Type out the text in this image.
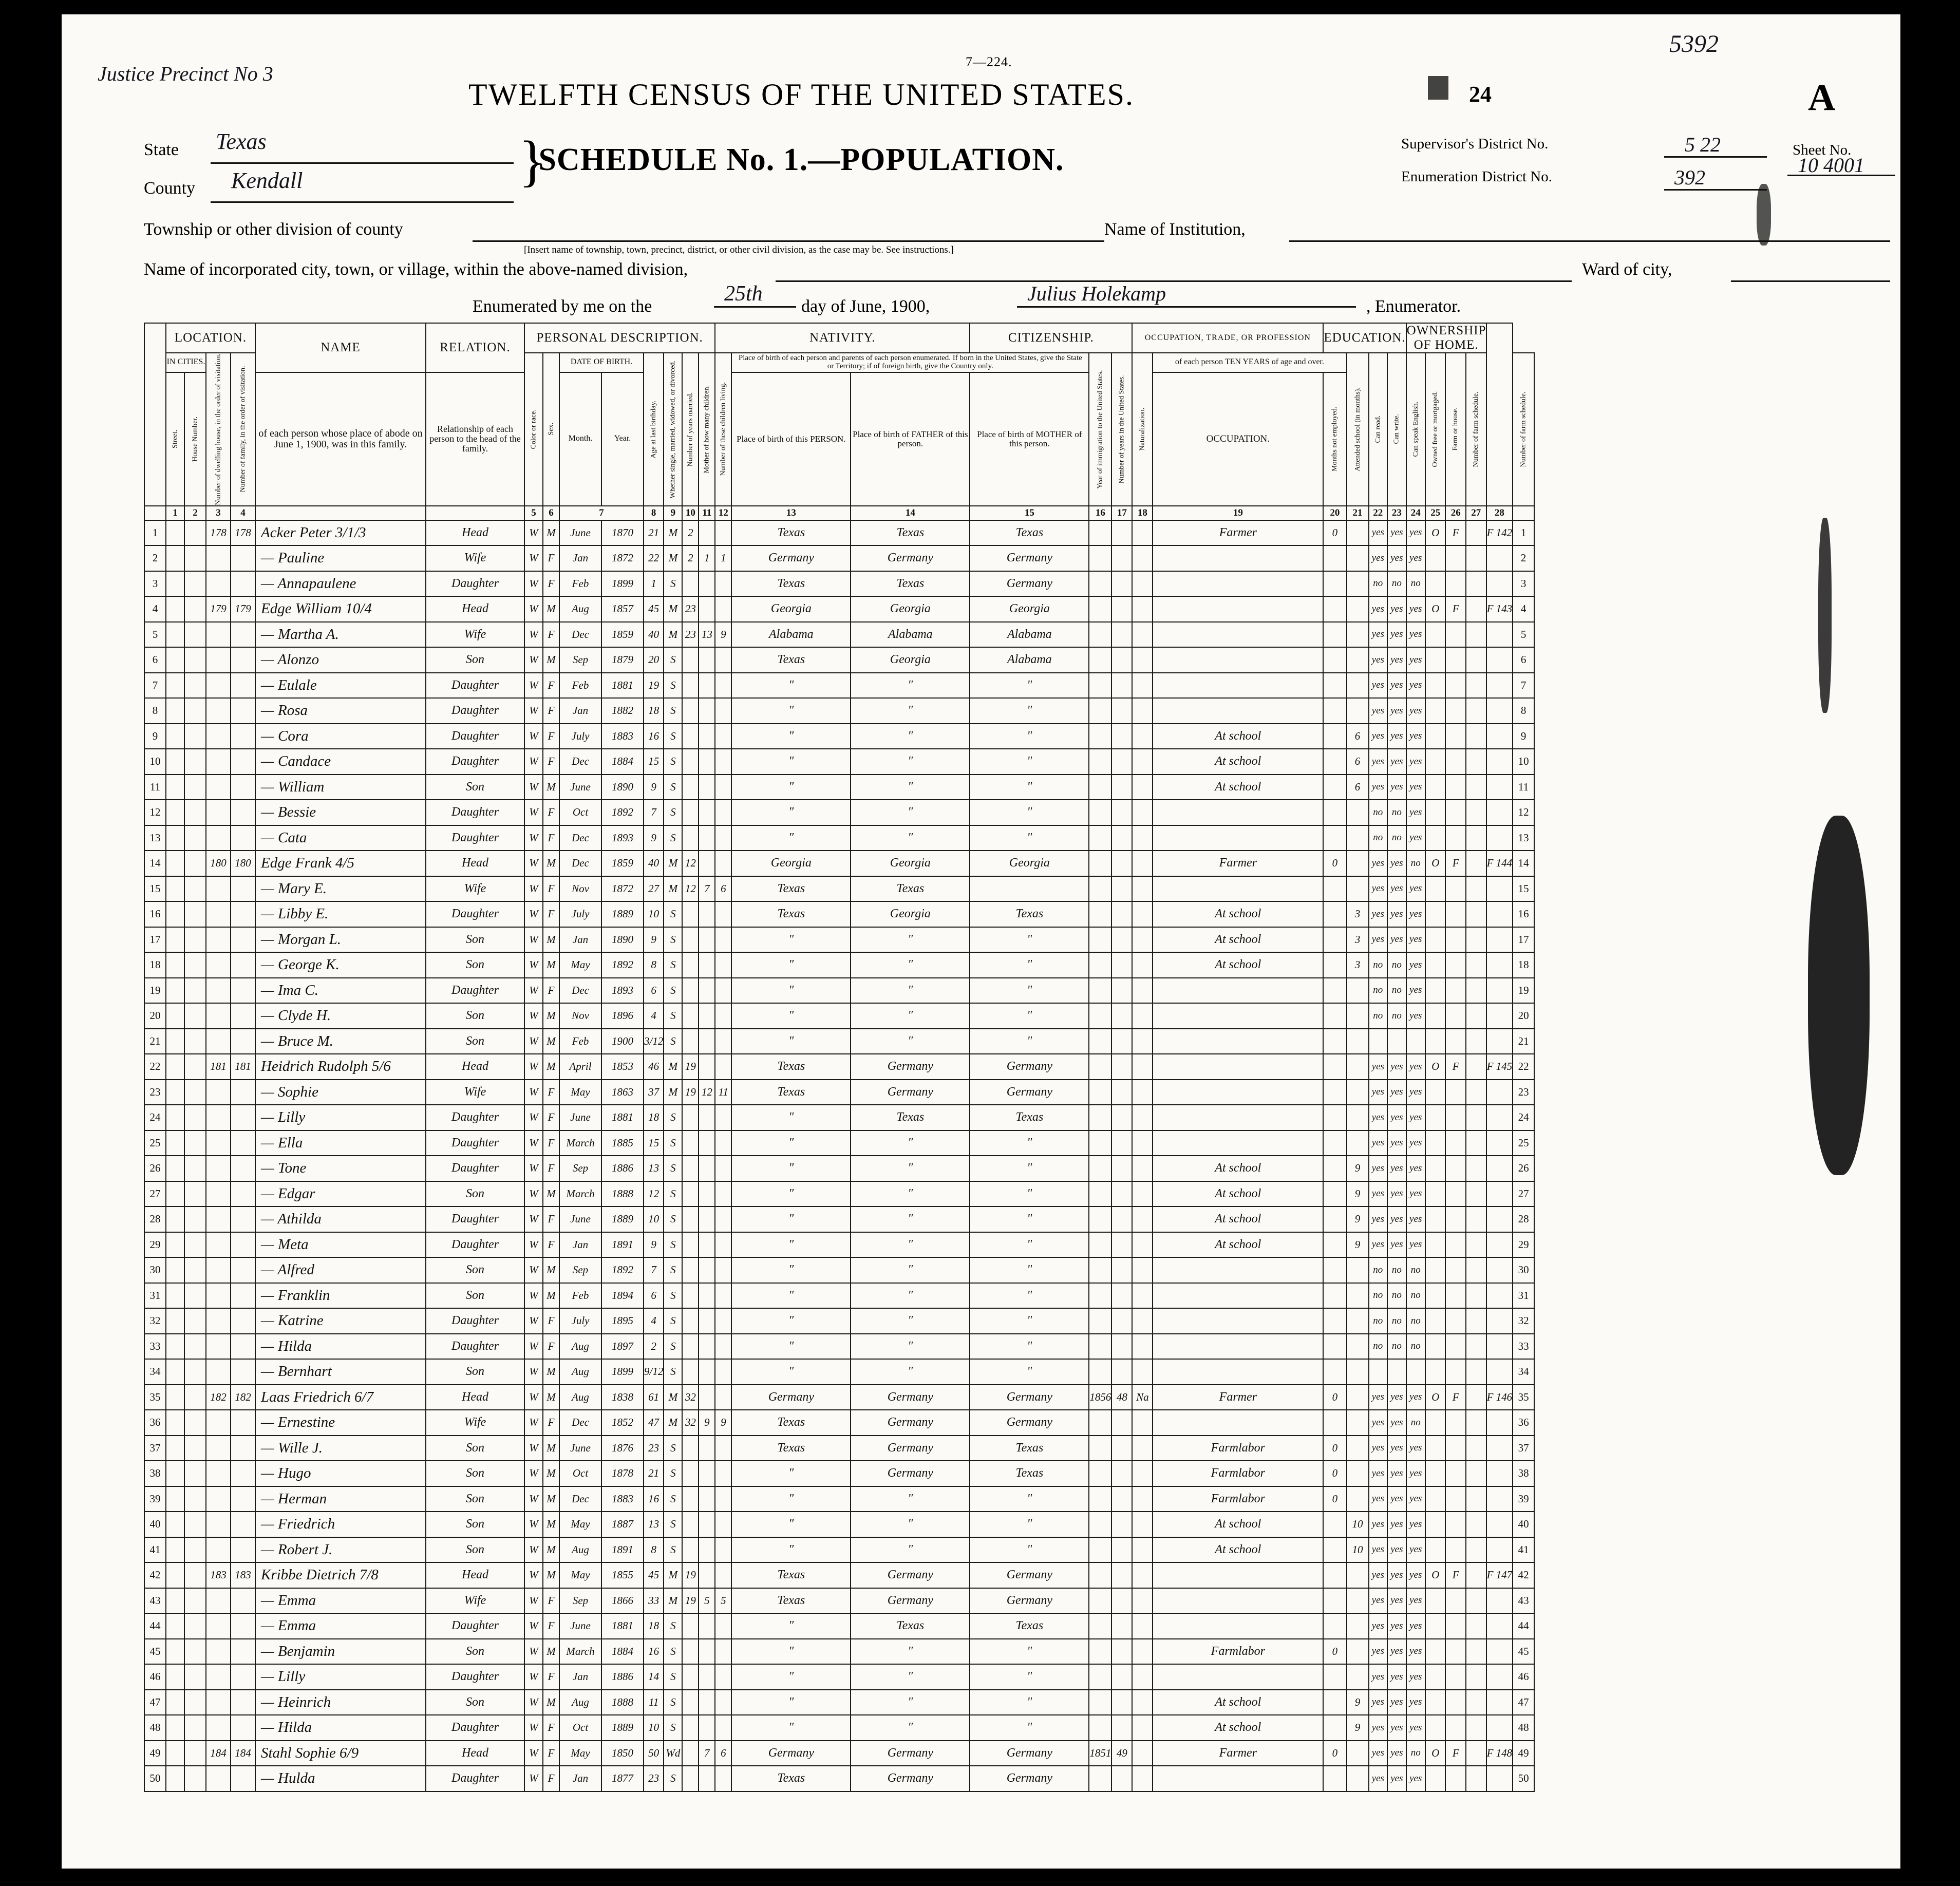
Justice Precinct No 3
7—224.
TWELFTH CENSUS OF THE UNITED STATES.
SCHEDULE No. 1.—POPULATION.
State Texas
County Kendall	}
Township or other division of county
[Insert name of township, town, precinct, district, or other civil division, as the case may be. See instructions.]
Name of Institution,
Name of incorporated city, town, or village, within the above-named division,	Ward of city,
Enumerated by me on the
25th
day of June, 1900,
Julius Holekamp
, Enumerator.
24	A
5392
Supervisor's District No.
Enumeration District No.
5 22
392
Sheet No.
10 4001
	LOCATION.				NAME	RELATION.	PERSONAL DESCRIPTION.								NATIVITY.			CITIZENSHIP.			OCCUPATION, TRADE, OR PROFESSION		EDUCATION.				OWNERSHIP OF HOME.					
	IN CITIES.		Number of dwelling house, in the order of visitation.	Number of family, in the order of visitation.			Color or race.	Sex.	DATE OF BIRTH.		Age at last birthday.	Whether single, married, widowed, or divorced.	Number of years married.	Mother of how many children.	Number of these children living.	Place of birth of each person and parents of each person enumerated. If born in the United States, give the State or Territory; if of foreign birth, give the Country only.			Year of immigration to the United States.	Number of years in the United States.	Naturalization.	of each person TEN YEARS of age and over.		Attended school (in months).	Can read.	Can write.	Can speak English.	Owned free or mortgaged.	Farm or house.	Number of farm schedule.		Number of farm schedule.
	Street.	House Number.			of each person whose place of abode on June 1, 1900, was in this family.	Relationship of each person to the head of the family.			Month.	Year.						Place of birth of this PERSON.	Place of birth of FATHER of this person.	Place of birth of MOTHER of this person.				OCCUPATION.	Months not employed.									

	1	2	3	4			5	6	7		8	9	10	11	12	13	14	15	16	17	18	19	20	21	22	23	24	25	26	27	28	
1			178	178	Acker Peter 3/1/3	Head	W	M	June	1870	21	M	2			Texas	Texas	Texas				Farmer	0		yes	yes	yes	O	F		F 142	1
2					— Pauline	Wife	W	F	Jan	1872	22	M	2	1	1	Germany	Germany	Germany							yes	yes	yes					2
3					— Annapaulene	Daughter	W	F	Feb	1899	1	S				Texas	Texas	Germany							no	no	no					3
4			179	179	Edge William 10/4	Head	W	M	Aug	1857	45	M	23			Georgia	Georgia	Georgia							yes	yes	yes	O	F		F 143	4
5					— Martha A.	Wife	W	F	Dec	1859	40	M	23	13	9	Alabama	Alabama	Alabama							yes	yes	yes					5
6					— Alonzo	Son	W	M	Sep	1879	20	S				Texas	Georgia	Alabama							yes	yes	yes					6
7					— Eulale	Daughter	W	F	Feb	1881	19	S				"	"	"							yes	yes	yes					7
8					— Rosa	Daughter	W	F	Jan	1882	18	S				"	"	"							yes	yes	yes					8
9					— Cora	Daughter	W	F	July	1883	16	S				"	"	"				At school		6	yes	yes	yes					9
10					— Candace	Daughter	W	F	Dec	1884	15	S				"	"	"				At school		6	yes	yes	yes					10
11					— William	Son	W	M	June	1890	9	S				"	"	"				At school		6	yes	yes	yes					11
12					— Bessie	Daughter	W	F	Oct	1892	7	S				"	"	"							no	no	yes					12
13					— Cata	Daughter	W	F	Dec	1893	9	S				"	"	"							no	no	yes					13
14			180	180	Edge Frank 4/5	Head	W	M	Dec	1859	40	M	12			Georgia	Georgia	Georgia				Farmer	0		yes	yes	no	O	F		F 144	14
15					— Mary E.	Wife	W	F	Nov	1872	27	M	12	7	6	Texas	Texas								yes	yes	yes					15
16					— Libby E.	Daughter	W	F	July	1889	10	S				Texas	Georgia	Texas				At school		3	yes	yes	yes					16
17					— Morgan L.	Son	W	M	Jan	1890	9	S				"	"	"				At school		3	yes	yes	yes					17
18					— George K.	Son	W	M	May	1892	8	S				"	"	"				At school		3	no	no	yes					18
19					— Ima C.	Daughter	W	F	Dec	1893	6	S				"	"	"							no	no	yes					19
20					— Clyde H.	Son	W	M	Nov	1896	4	S				"	"	"							no	no	yes					20
21					— Bruce M.	Son	W	M	Feb	1900	3/12	S				"	"	"														21
22			181	181	Heidrich Rudolph 5/6	Head	W	M	April	1853	46	M	19			Texas	Germany	Germany							yes	yes	yes	O	F		F 145	22
23					— Sophie	Wife	W	F	May	1863	37	M	19	12	11	Texas	Germany	Germany							yes	yes	yes					23
24					— Lilly	Daughter	W	F	June	1881	18	S				"	Texas	Texas							yes	yes	yes					24
25					— Ella	Daughter	W	F	March	1885	15	S				"	"	"							yes	yes	yes					25
26					— Tone	Daughter	W	F	Sep	1886	13	S				"	"	"				At school		9	yes	yes	yes					26
27					— Edgar	Son	W	M	March	1888	12	S				"	"	"				At school		9	yes	yes	yes					27
28					— Athilda	Daughter	W	F	June	1889	10	S				"	"	"				At school		9	yes	yes	yes					28
29					— Meta	Daughter	W	F	Jan	1891	9	S				"	"	"				At school		9	yes	yes	yes					29
30					— Alfred	Son	W	M	Sep	1892	7	S				"	"	"							no	no	no					30
31					— Franklin	Son	W	M	Feb	1894	6	S				"	"	"							no	no	no					31
32					— Katrine	Daughter	W	F	July	1895	4	S				"	"	"							no	no	no					32
33					— Hilda	Daughter	W	F	Aug	1897	2	S				"	"	"							no	no	no					33
34					— Bernhart	Son	W	M	Aug	1899	9/12	S				"	"	"														34
35			182	182	Laas Friedrich 6/7	Head	W	M	Aug	1838	61	M	32			Germany	Germany	Germany	1856	48	Na	Farmer	0		yes	yes	yes	O	F		F 146	35
36					— Ernestine	Wife	W	F	Dec	1852	47	M	32	9	9	Texas	Germany	Germany							yes	yes	no					36
37					— Wille J.	Son	W	M	June	1876	23	S				Texas	Germany	Texas				Farmlabor	0		yes	yes	yes					37
38					— Hugo	Son	W	M	Oct	1878	21	S				"	Germany	Texas				Farmlabor	0		yes	yes	yes					38
39					— Herman	Son	W	M	Dec	1883	16	S				"	"	"				Farmlabor	0		yes	yes	yes					39
40					— Friedrich	Son	W	M	May	1887	13	S				"	"	"				At school		10	yes	yes	yes					40
41					— Robert J.	Son	W	M	Aug	1891	8	S				"	"	"				At school		10	yes	yes	yes					41
42			183	183	Kribbe Dietrich 7/8	Head	W	M	May	1855	45	M	19			Texas	Germany	Germany							yes	yes	yes	O	F		F 147	42
43					— Emma	Wife	W	F	Sep	1866	33	M	19	5	5	Texas	Germany	Germany							yes	yes	yes					43
44					— Emma	Daughter	W	F	June	1881	18	S				"	Texas	Texas							yes	yes	yes					44
45					— Benjamin	Son	W	M	March	1884	16	S				"	"	"				Farmlabor	0		yes	yes	yes					45
46					— Lilly	Daughter	W	F	Jan	1886	14	S				"	"	"							yes	yes	yes					46
47					— Heinrich	Son	W	M	Aug	1888	11	S				"	"	"				At school		9	yes	yes	yes					47
48					— Hilda	Daughter	W	F	Oct	1889	10	S				"	"	"				At school		9	yes	yes	yes					48
49			184	184	Stahl Sophie 6/9	Head	W	F	May	1850	50	Wd		7	6	Germany	Germany	Germany	1851	49		Farmer	0		yes	yes	no	O	F		F 148	49
50					— Hulda	Daughter	W	F	Jan	1877	23	S				Texas	Germany	Germany							yes	yes	yes					50
